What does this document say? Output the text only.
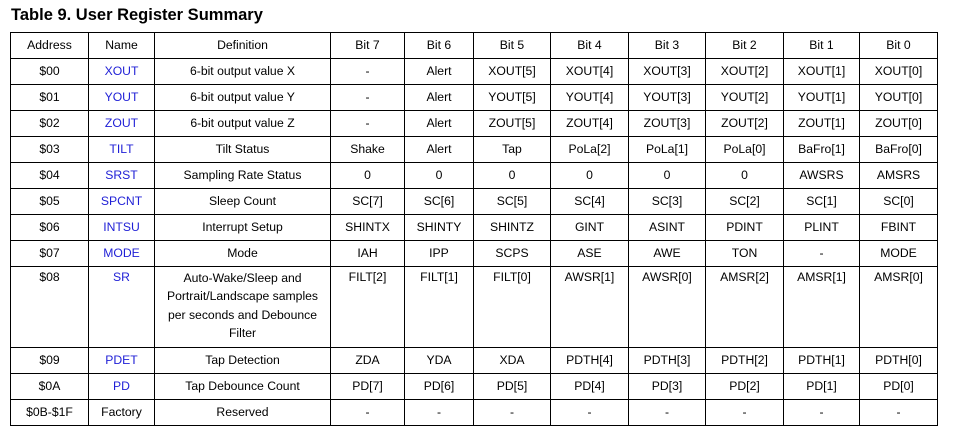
Table 9. User Register Summary
Address	Name	Definition	Bit 7	Bit 6	Bit 5	Bit 4	Bit 3	Bit 2	Bit 1	Bit 0
$00	XOUT	6-bit output value X	-	Alert	XOUT[5]	XOUT[4]	XOUT[3]	XOUT[2]	XOUT[1]	XOUT[0]
$01	YOUT	6-bit output value Y	-	Alert	YOUT[5]	YOUT[4]	YOUT[3]	YOUT[2]	YOUT[1]	YOUT[0]
$02	ZOUT	6-bit output value Z	-	Alert	ZOUT[5]	ZOUT[4]	ZOUT[3]	ZOUT[2]	ZOUT[1]	ZOUT[0]
$03	TILT	Tilt Status	Shake	Alert	Tap	PoLa[2]	PoLa[1]	PoLa[0]	BaFro[1]	BaFro[0]
$04	SRST	Sampling Rate Status	0	0	0	0	0	0	AWSRS	AMSRS
$05	SPCNT	Sleep Count	SC[7]	SC[6]	SC[5]	SC[4]	SC[3]	SC[2]	SC[1]	SC[0]
$06	INTSU	Interrupt Setup	SHINTX	SHINTY	SHINTZ	GINT	ASINT	PDINT	PLINT	FBINT
$07	MODE	Mode	IAH	IPP	SCPS	ASE	AWE	TON	-	MODE
$08	SR	Auto-Wake/Sleep and Portrait/Landscape samples per seconds and Debounce Filter	FILT[2]	FILT[1]	FILT[0]	AWSR[1]	AWSR[0]	AMSR[2]	AMSR[1]	AMSR[0]
$09	PDET	Tap Detection	ZDA	YDA	XDA	PDTH[4]	PDTH[3]	PDTH[2]	PDTH[1]	PDTH[0]
$0A	PD	Tap Debounce Count	PD[7]	PD[6]	PD[5]	PD[4]	PD[3]	PD[2]	PD[1]	PD[0]
$0B-$1F	Factory	Reserved	-	-	-	-	-	-	-	-
